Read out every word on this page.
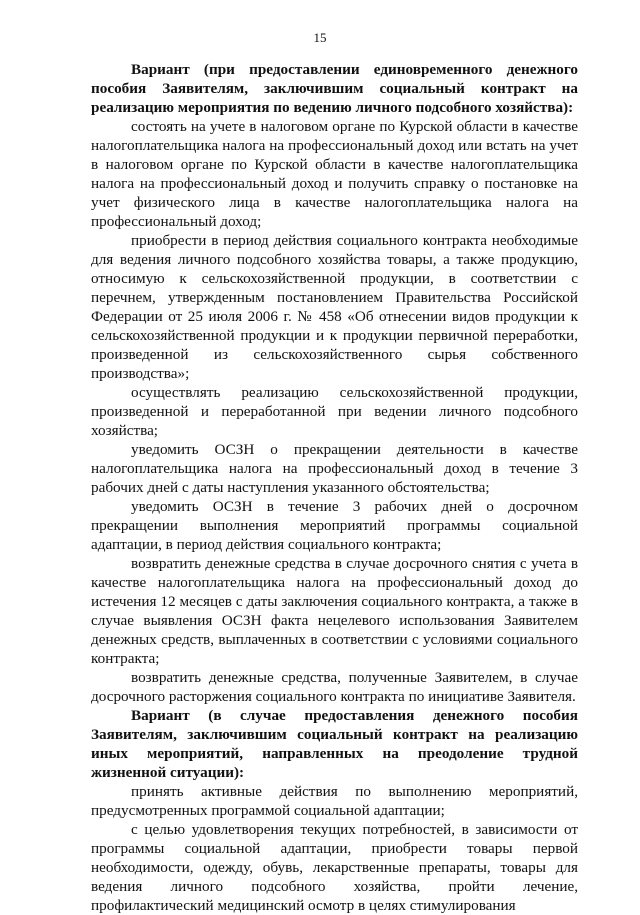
15

Вариант (при предоставлении единовременного денежного пособия Заявителям, заключившим социальный контракт на реализацию мероприятия по ведению личного подсобного хозяйства):

состоять на учете в налоговом органе по Курской области в качестве налогоплательщика налога на профессиональный доход или встать на учет в налоговом органе по Курской области в качестве налогоплательщика налога на профессиональный доход и получить справку о постановке на учет физического лица в качестве налогоплательщика налога на профессиональный доход;

приобрести в период действия социального контракта необходимые для ведения личного подсобного хозяйства товары, а также продукцию, относимую к сельскохозяйственной продукции, в соответствии с перечнем, утвержденным постановлением Правительства Российской Федерации от 25 июля 2006 г. № 458 «Об отнесении видов продукции к сельскохозяйственной продукции и к продукции первичной переработки, произведенной из сельскохозяйственного сырья собственного производства»;

осуществлять реализацию сельскохозяйственной продукции, произведенной и переработанной при ведении личного подсобного хозяйства;

уведомить ОСЗН о прекращении деятельности в качестве налогоплательщика налога на профессиональный доход в течение 3 рабочих дней с даты наступления указанного обстоятельства;

уведомить ОСЗН в течение 3 рабочих дней о досрочном прекращении выполнения мероприятий программы социальной адаптации, в период действия социального контракта;

возвратить денежные средства в случае досрочного снятия с учета в качестве налогоплательщика налога на профессиональный доход до истечения 12 месяцев с даты заключения социального контракта, а также в случае выявления ОСЗН факта нецелевого использования Заявителем денежных средств, выплаченных в соответствии с условиями социального контракта;

возвратить денежные средства, полученные Заявителем, в случае досрочного расторжения социального контракта по инициативе Заявителя.

Вариант (в случае предоставления денежного пособия Заявителям, заключившим социальный контракт на реализацию иных мероприятий, направленных на преодоление трудной жизненной ситуации):

принять активные действия по выполнению мероприятий, предусмотренных программой социальной адаптации;

с целью удовлетворения текущих потребностей, в зависимости от программы социальной адаптации, приобрести товары первой необходимости, одежду, обувь, лекарственные препараты, товары для ведения личного подсобного хозяйства, пройти лечение, профилактический медицинский осмотр в целях стимулирования
